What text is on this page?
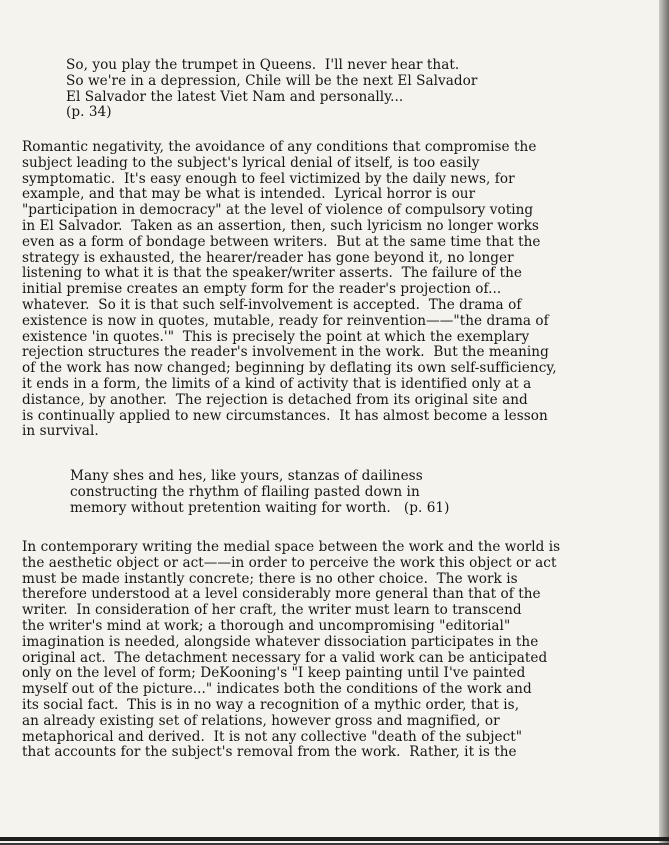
So, you play the trumpet in Queens.  I'll never hear that.
So we're in a depression, Chile will be the next El Salvador
El Salvador the latest Viet Nam and personally...
(p. 34)
Romantic negativity, the avoidance of any conditions that compromise the
subject leading to the subject's lyrical denial of itself, is too easily
symptomatic.  It's easy enough to feel victimized by the daily news, for
example, and that may be what is intended.  Lyrical horror is our
"participation in democracy" at the level of violence of compulsory voting
in El Salvador.  Taken as an assertion, then, such lyricism no longer works
even as a form of bondage between writers.  But at the same time that the
strategy is exhausted, the hearer/reader has gone beyond it, no longer
listening to what it is that the speaker/writer asserts.  The failure of the
initial premise creates an empty form for the reader's projection of...
whatever.  So it is that such self-involvement is accepted.  The drama of
existence is now in quotes, mutable, ready for reinvention——"the drama of
existence 'in quotes.'"  This is precisely the point at which the exemplary
rejection structures the reader's involvement in the work.  But the meaning
of the work has now changed; beginning by deflating its own self-sufficiency,
it ends in a form, the limits of a kind of activity that is identified only at a
distance, by another.  The rejection is detached from its original site and
is continually applied to new circumstances.  It has almost become a lesson
in survival.
Many shes and hes, like yours, stanzas of dailiness
constructing the rhythm of flailing pasted down in
memory without pretention waiting for worth.   (p. 61)
In contemporary writing the medial space between the work and the world is
the aesthetic object or act——in order to perceive the work this object or act
must be made instantly concrete; there is no other choice.  The work is
therefore understood at a level considerably more general than that of the
writer.  In consideration of her craft, the writer must learn to transcend
the writer's mind at work; a thorough and uncompromising "editorial"
imagination is needed, alongside whatever dissociation participates in the
original act.  The detachment necessary for a valid work can be anticipated
only on the level of form; DeKooning's "I keep painting until I've painted
myself out of the picture..." indicates both the conditions of the work and
its social fact.  This is in no way a recognition of a mythic order, that is,
an already existing set of relations, however gross and magnified, or
metaphorical and derived.  It is not any collective "death of the subject"
that accounts for the subject's removal from the work.  Rather, it is the
